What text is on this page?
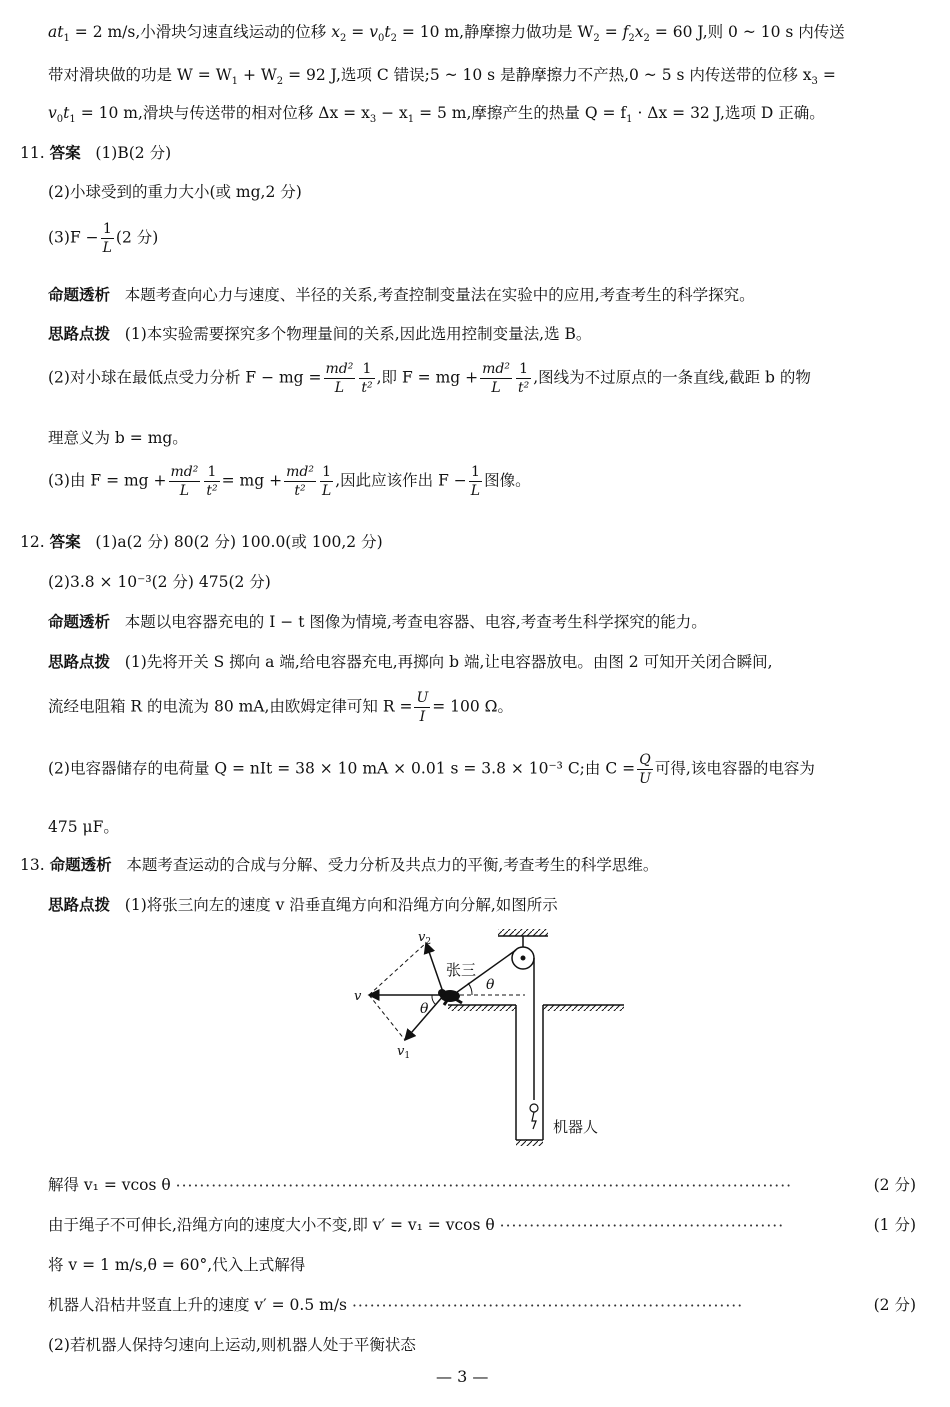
$at_1 = 2$ m/s,小滑块匀速直线运动的位移 $x_2 = v_0t_2 = 10$ m,静摩擦力做功是 $W_2 = f_2x_2 = 60$ J,则 0 ~ 10 s 内传送
带对滑块做的功是 $W = W_1 + W_2 = 92$ J,选项 C 错误;5 ~ 10 s 是静摩擦力不产热,0 ~ 5 s 内传送带的位移 $x_3$ =
$v_0t_1 = 10$ m,滑块与传送带的相对位移 $\Delta x = x_3 - x_1 = 5$ m,摩擦产生的热量 $Q = f_1 \cdot \Delta x = 32$ J,选项 D 正确。
11. 答案 (1)B(2 分)
(2)小球受到的重力大小(或 mg,2 分)
$(3)F - \frac{1}{L} (2$ 分)
命题透析 本题考查向心力与速度、半径的关系,考查控制变量法在实验中的应用,考查考生的科学探究。
思路点拨 (1)本实验需要探究多个物理量间的关系,因此选用控制变量法,选 B。
(2)对小球在最低点受力分析 F − mg = $\frac{\text{md²}}{L} \frac{1}{\text{t²}}$ ,即 F = mg + $\frac{\text{md²}}{L} \frac{1}{\text{t²}}$ ,图线为不过原点的一条直线,截距 b 的物
理意义为 b = mg。
(3)由 F = mg + $\frac{\text{md²}}{L} \frac{1}{\text{t²}}$ = mg + $\frac{\text{md²}}{\text{t²}} \frac{1}{L}$ ,因此应该作出 $F - \frac{1}{L}$ 图像。
12. 答案 (1)a(2 分) 80(2 分) 100.0(或 100,2 分)
(2)3.8 × 10⁻³(2 分) 475(2 分)
命题透析 本题以电容器充电的 I − t 图像为情境,考查电容器、电容,考查考生科学探究的能力。
思路点拨 (1)先将开关 S 掷向 a 端,给电容器充电,再掷向 b 端,让电容器放电。由图 2 可知开关闭合瞬间,
流经电阻箱 R 的电流为 80 mA,由欧姆定律可知 $R = \frac{U}{I} = 100$ Ω。
(2)电容器储存的电荷量 Q = nIt = 38 × 10 mA × 0.01 s = 3.8 × 10⁻³ C;由 $C = \frac{Q}{U}$ 可得,该电容器的电容为
475 μF。
13. 命题透析 本题考查运动的合成与分解、受力分析及共点力的平衡,考查考生的科学思维。
思路点拨 (1)将张三向左的速度 v 沿垂直绳方向和沿绳方向分解,如图所示
v
$v_2$
$v_1$
张三
θ
θ
机器人
解得 v₁ = vcos θ ········································································································	(2 分)
由于绳子不可伸长,沿绳方向的速度大小不变,即 v′ = v₁ = vcos θ ················································	(1 分)
将 v = 1 m/s,θ = 60°,代入上式解得
机器人沿枯井竖直上升的速度 v′ = 0.5 m/s ··································································	(2 分)
(2)若机器人保持匀速向上运动,则机器人处于平衡状态
— 3 —
